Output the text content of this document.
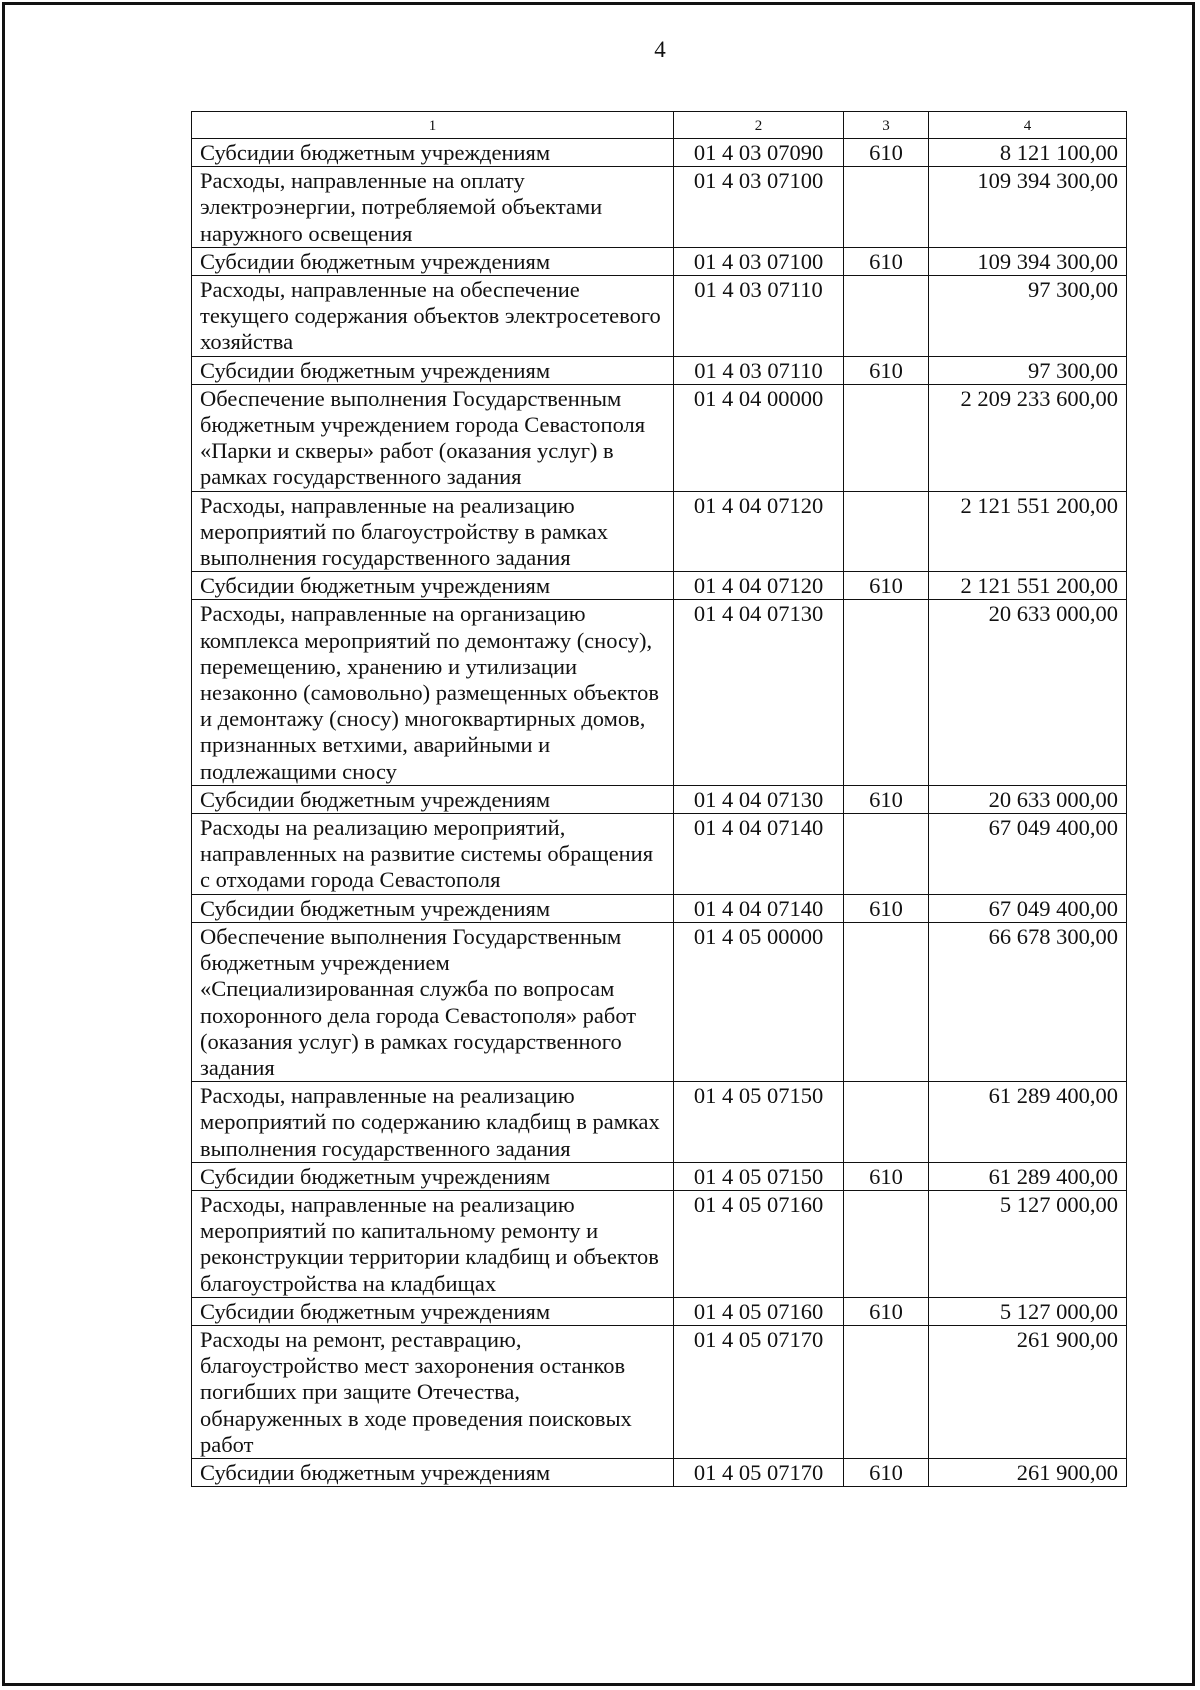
4
1	2	3	4
Субсидии бюджетным учреждениям	01 4 03 07090	610	8 121 100,00
Расходы, направленные на оплату электроэнергии, потребляемой объектами наружного освещения	01 4 03 07100		109 394 300,00
Субсидии бюджетным учреждениям	01 4 03 07100	610	109 394 300,00
Расходы, направленные на обеспечение текущего содержания объектов электросетевого хозяйства	01 4 03 07110		97 300,00
Субсидии бюджетным учреждениям	01 4 03 07110	610	97 300,00
Обеспечение выполнения Государственным бюджетным учреждением города Севастополя «Парки и скверы» работ (оказания услуг) в рамках государственного задания	01 4 04 00000		2 209 233 600,00
Расходы, направленные на реализацию мероприятий по благоустройству в рамках выполнения государственного задания	01 4 04 07120		2 121 551 200,00
Субсидии бюджетным учреждениям	01 4 04 07120	610	2 121 551 200,00
Расходы, направленные на организацию комплекса мероприятий по демонтажу (сносу), перемещению, хранению и утилизации незаконно (самовольно) размещенных объектов и демонтажу (сносу) многоквартирных домов, признанных ветхими, аварийными и подлежащими сносу	01 4 04 07130		20 633 000,00
Субсидии бюджетным учреждениям	01 4 04 07130	610	20 633 000,00
Расходы на реализацию мероприятий, направленных на развитие системы обращения с отходами города Севастополя	01 4 04 07140		67 049 400,00
Субсидии бюджетным учреждениям	01 4 04 07140	610	67 049 400,00
Обеспечение выполнения Государственным бюджетным учреждением «Специализированная служба по вопросам похоронного дела города Севастополя» работ (оказания услуг) в рамках государственного задания	01 4 05 00000		66 678 300,00
Расходы, направленные на реализацию мероприятий по содержанию кладбищ в рамках выполнения государственного задания	01 4 05 07150		61 289 400,00
Субсидии бюджетным учреждениям	01 4 05 07150	610	61 289 400,00
Расходы, направленные на реализацию мероприятий по капитальному ремонту и реконструкции территории кладбищ и объектов благоустройства на кладбищах	01 4 05 07160		5 127 000,00
Субсидии бюджетным учреждениям	01 4 05 07160	610	5 127 000,00
Расходы на ремонт, реставрацию, благоустройство мест захоронения останков погибших при защите Отечества, обнаруженных в ходе проведения поисковых работ	01 4 05 07170		261 900,00
Субсидии бюджетным учреждениям	01 4 05 07170	610	261 900,00
